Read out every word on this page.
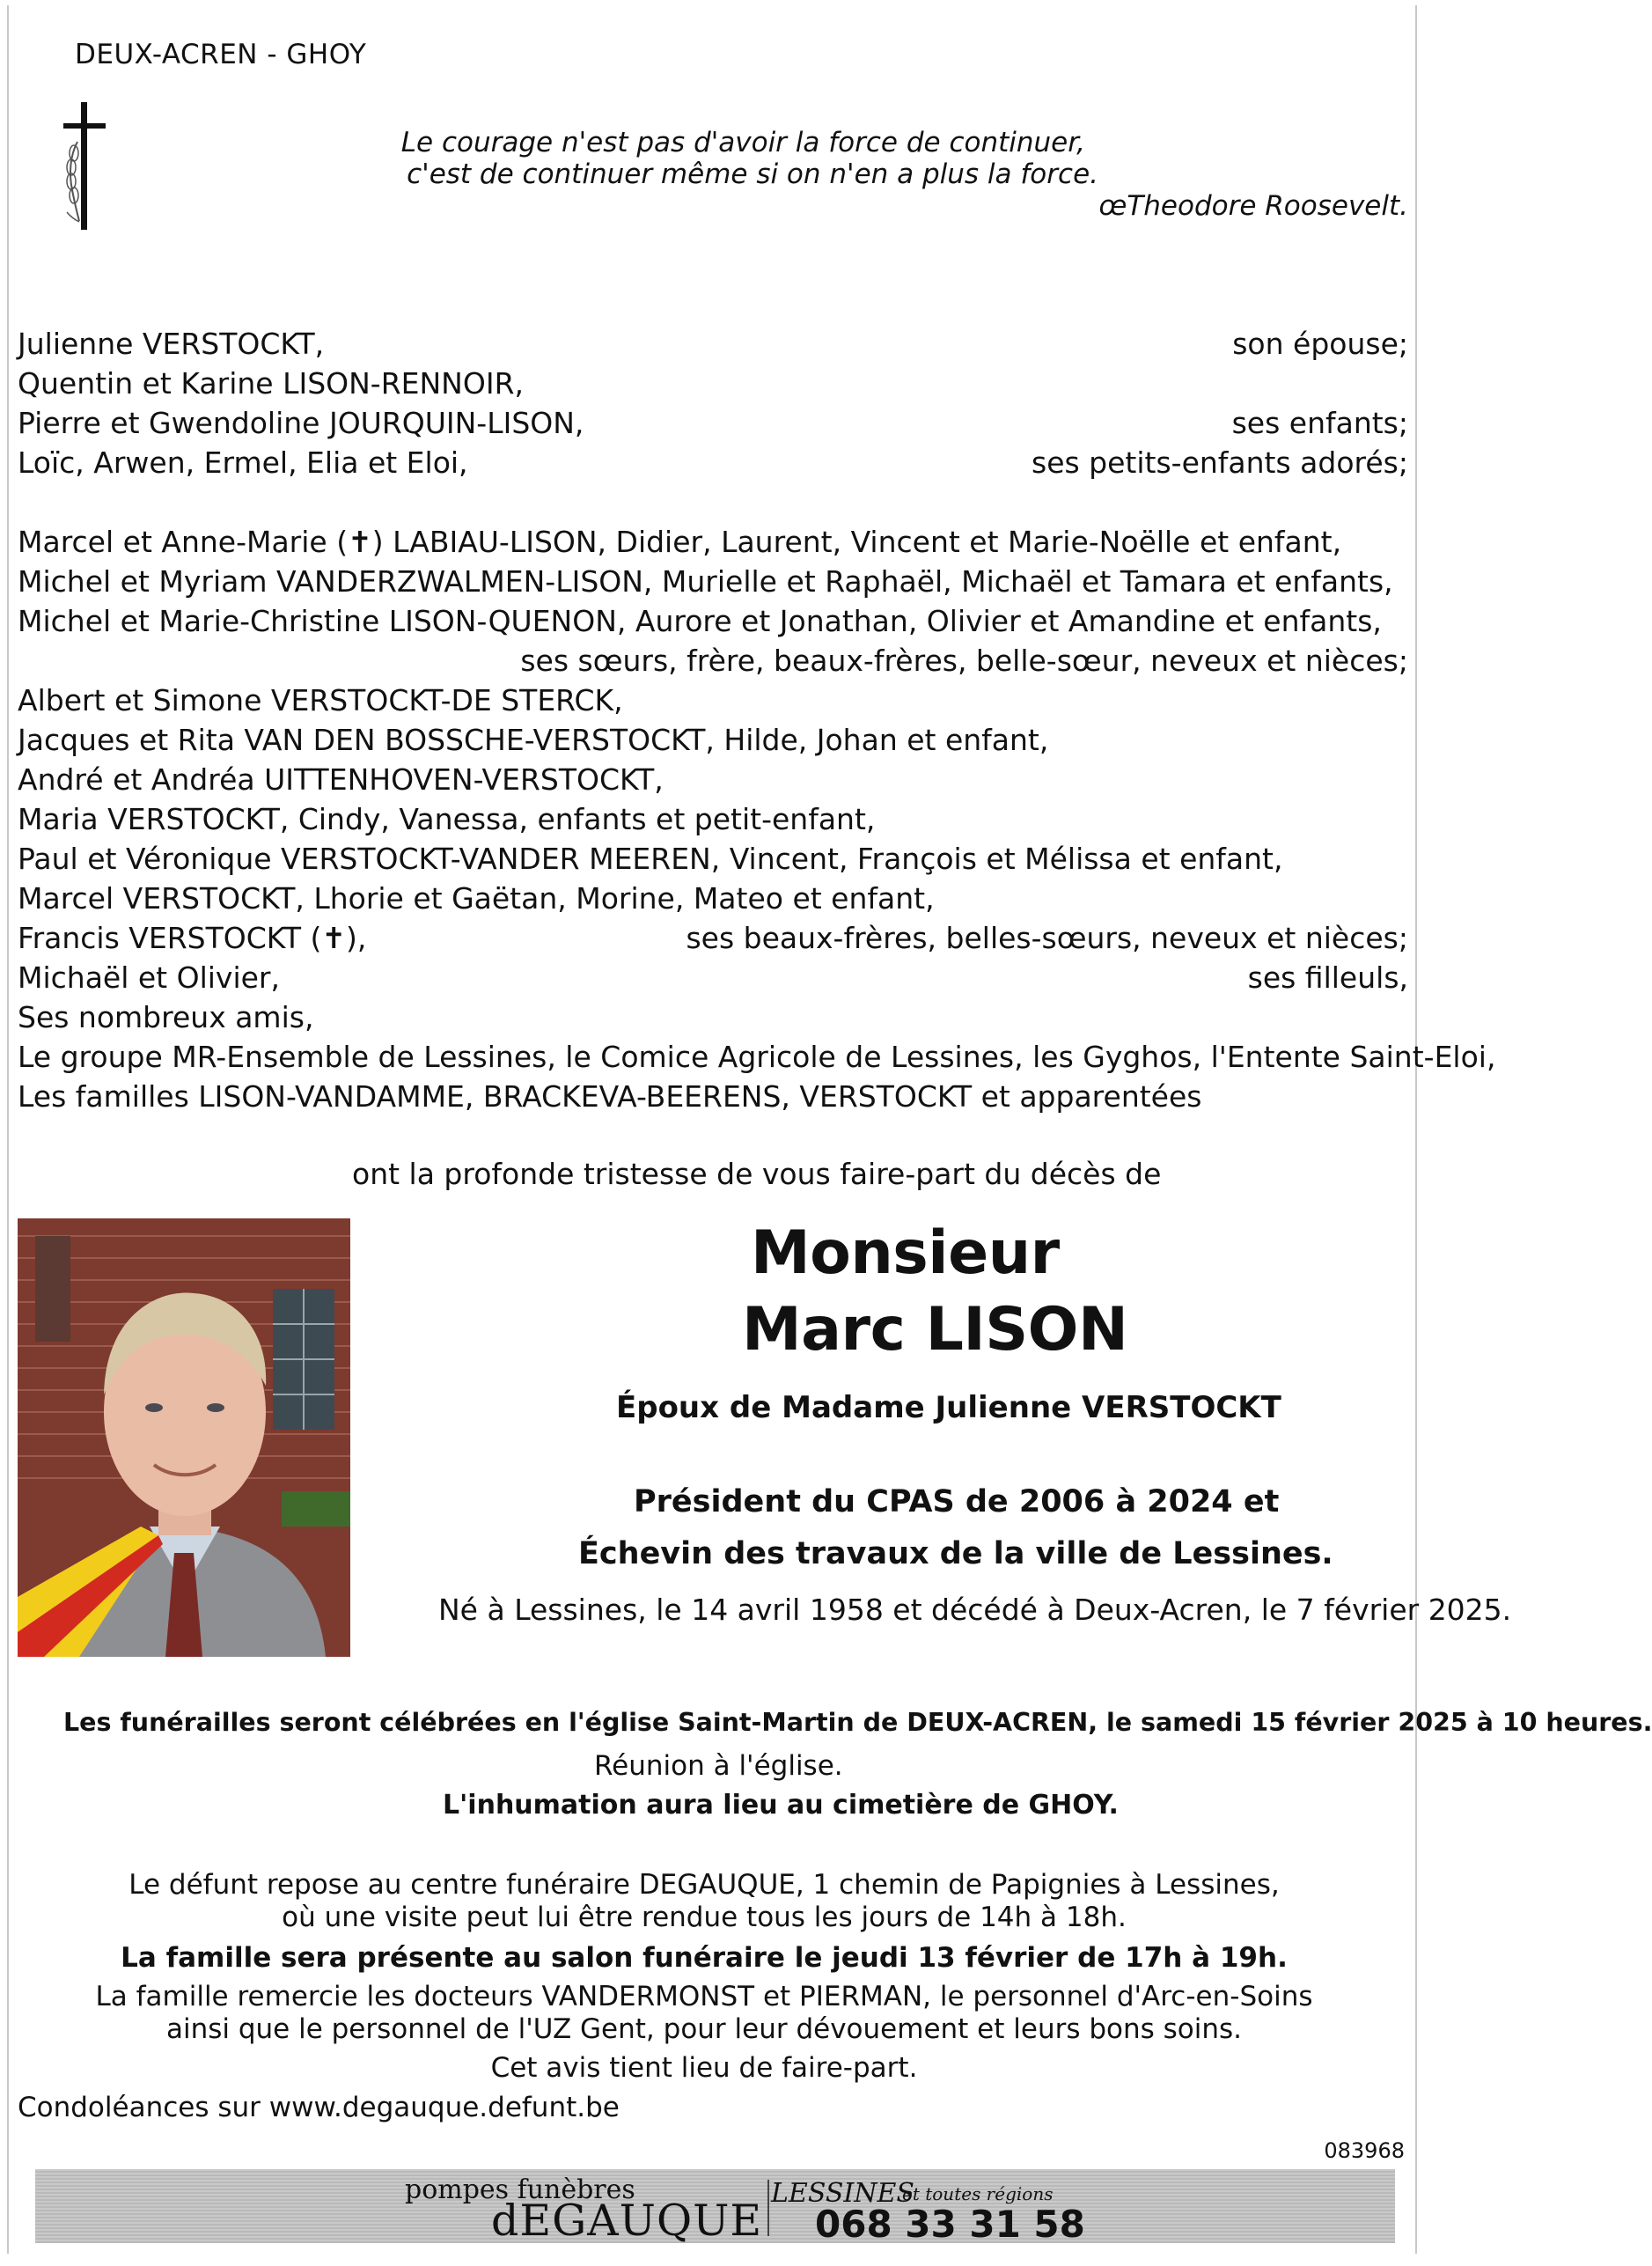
DEUX-ACREN - GHOY
Le courage n'est pas d'avoir la force de continuer,
c'est de continuer même si on n'en a plus la force.
œTheodore Roosevelt.
Julienne VERSTOCKT,	son épouse;
Quentin et Karine LISON-RENNOIR,
Pierre et Gwendoline JOURQUIN-LISON,	ses enfants;
Loïc, Arwen, Ermel, Elia et Eloi,	ses petits-enfants adorés;
Marcel et Anne-Marie (✝) LABIAU-LISON, Didier, Laurent, Vincent et Marie-Noëlle et enfant,
Michel et Myriam VANDERZWALMEN-LISON, Murielle et Raphaël, Michaël et Tamara et enfants,
Michel et Marie-Christine LISON-QUENON, Aurore et Jonathan, Olivier et Amandine et enfants,
ses sœurs, frère, beaux-frères, belle-sœur, neveux et nièces;
Albert et Simone VERSTOCKT-DE STERCK,
Jacques et Rita VAN DEN BOSSCHE-VERSTOCKT, Hilde, Johan et enfant,
André et Andréa UITTENHOVEN-VERSTOCKT,
Maria VERSTOCKT, Cindy, Vanessa, enfants et petit-enfant,
Paul et Véronique VERSTOCKT-VANDER MEEREN, Vincent, François et Mélissa et enfant,
Marcel VERSTOCKT, Lhorie et Gaëtan, Morine, Mateo et enfant,
Francis VERSTOCKT (✝),	ses beaux-frères, belles-sœurs, neveux et nièces;
Michaël et Olivier,	ses filleuls,
Ses nombreux amis,
Le groupe MR-Ensemble de Lessines, le Comice Agricole de Lessines, les Gyghos, l'Entente Saint-Eloi,
Les familles LISON-VANDAMME, BRACKEVA-BEERENS, VERSTOCKT et apparentées
ont la profonde tristesse de vous faire-part du décès de
Monsieur
Marc LISON
Époux de Madame Julienne VERSTOCKT
Président du CPAS de 2006 à 2024 et
Échevin des travaux de la ville de Lessines.
Né à Lessines, le 14 avril 1958 et décédé à Deux-Acren, le 7 février 2025.
Les funérailles seront célébrées en l'église Saint-Martin de DEUX-ACREN, le samedi 15 février 2025 à 10 heures.
Réunion à l'église.
L'inhumation aura lieu au cimetière de GHOY.
Le défunt repose au centre funéraire DEGAUQUE, 1 chemin de Papignies à Lessines,
où une visite peut lui être rendue tous les jours de 14h à 18h.
La famille sera présente au salon funéraire le jeudi 13 février de 17h à 19h.
La famille remercie les docteurs VANDERMONST et PIERMAN, le personnel d'Arc-en-Soins
ainsi que le personnel de l'UZ Gent, pour leur dévouement et leurs bons soins.
Cet avis tient lieu de faire-part.
Condoléances sur www.degauque.defunt.be
083968
pompes funèbres
dEGAUQUE
LESSINES
et toutes régions
068 33 31 58
